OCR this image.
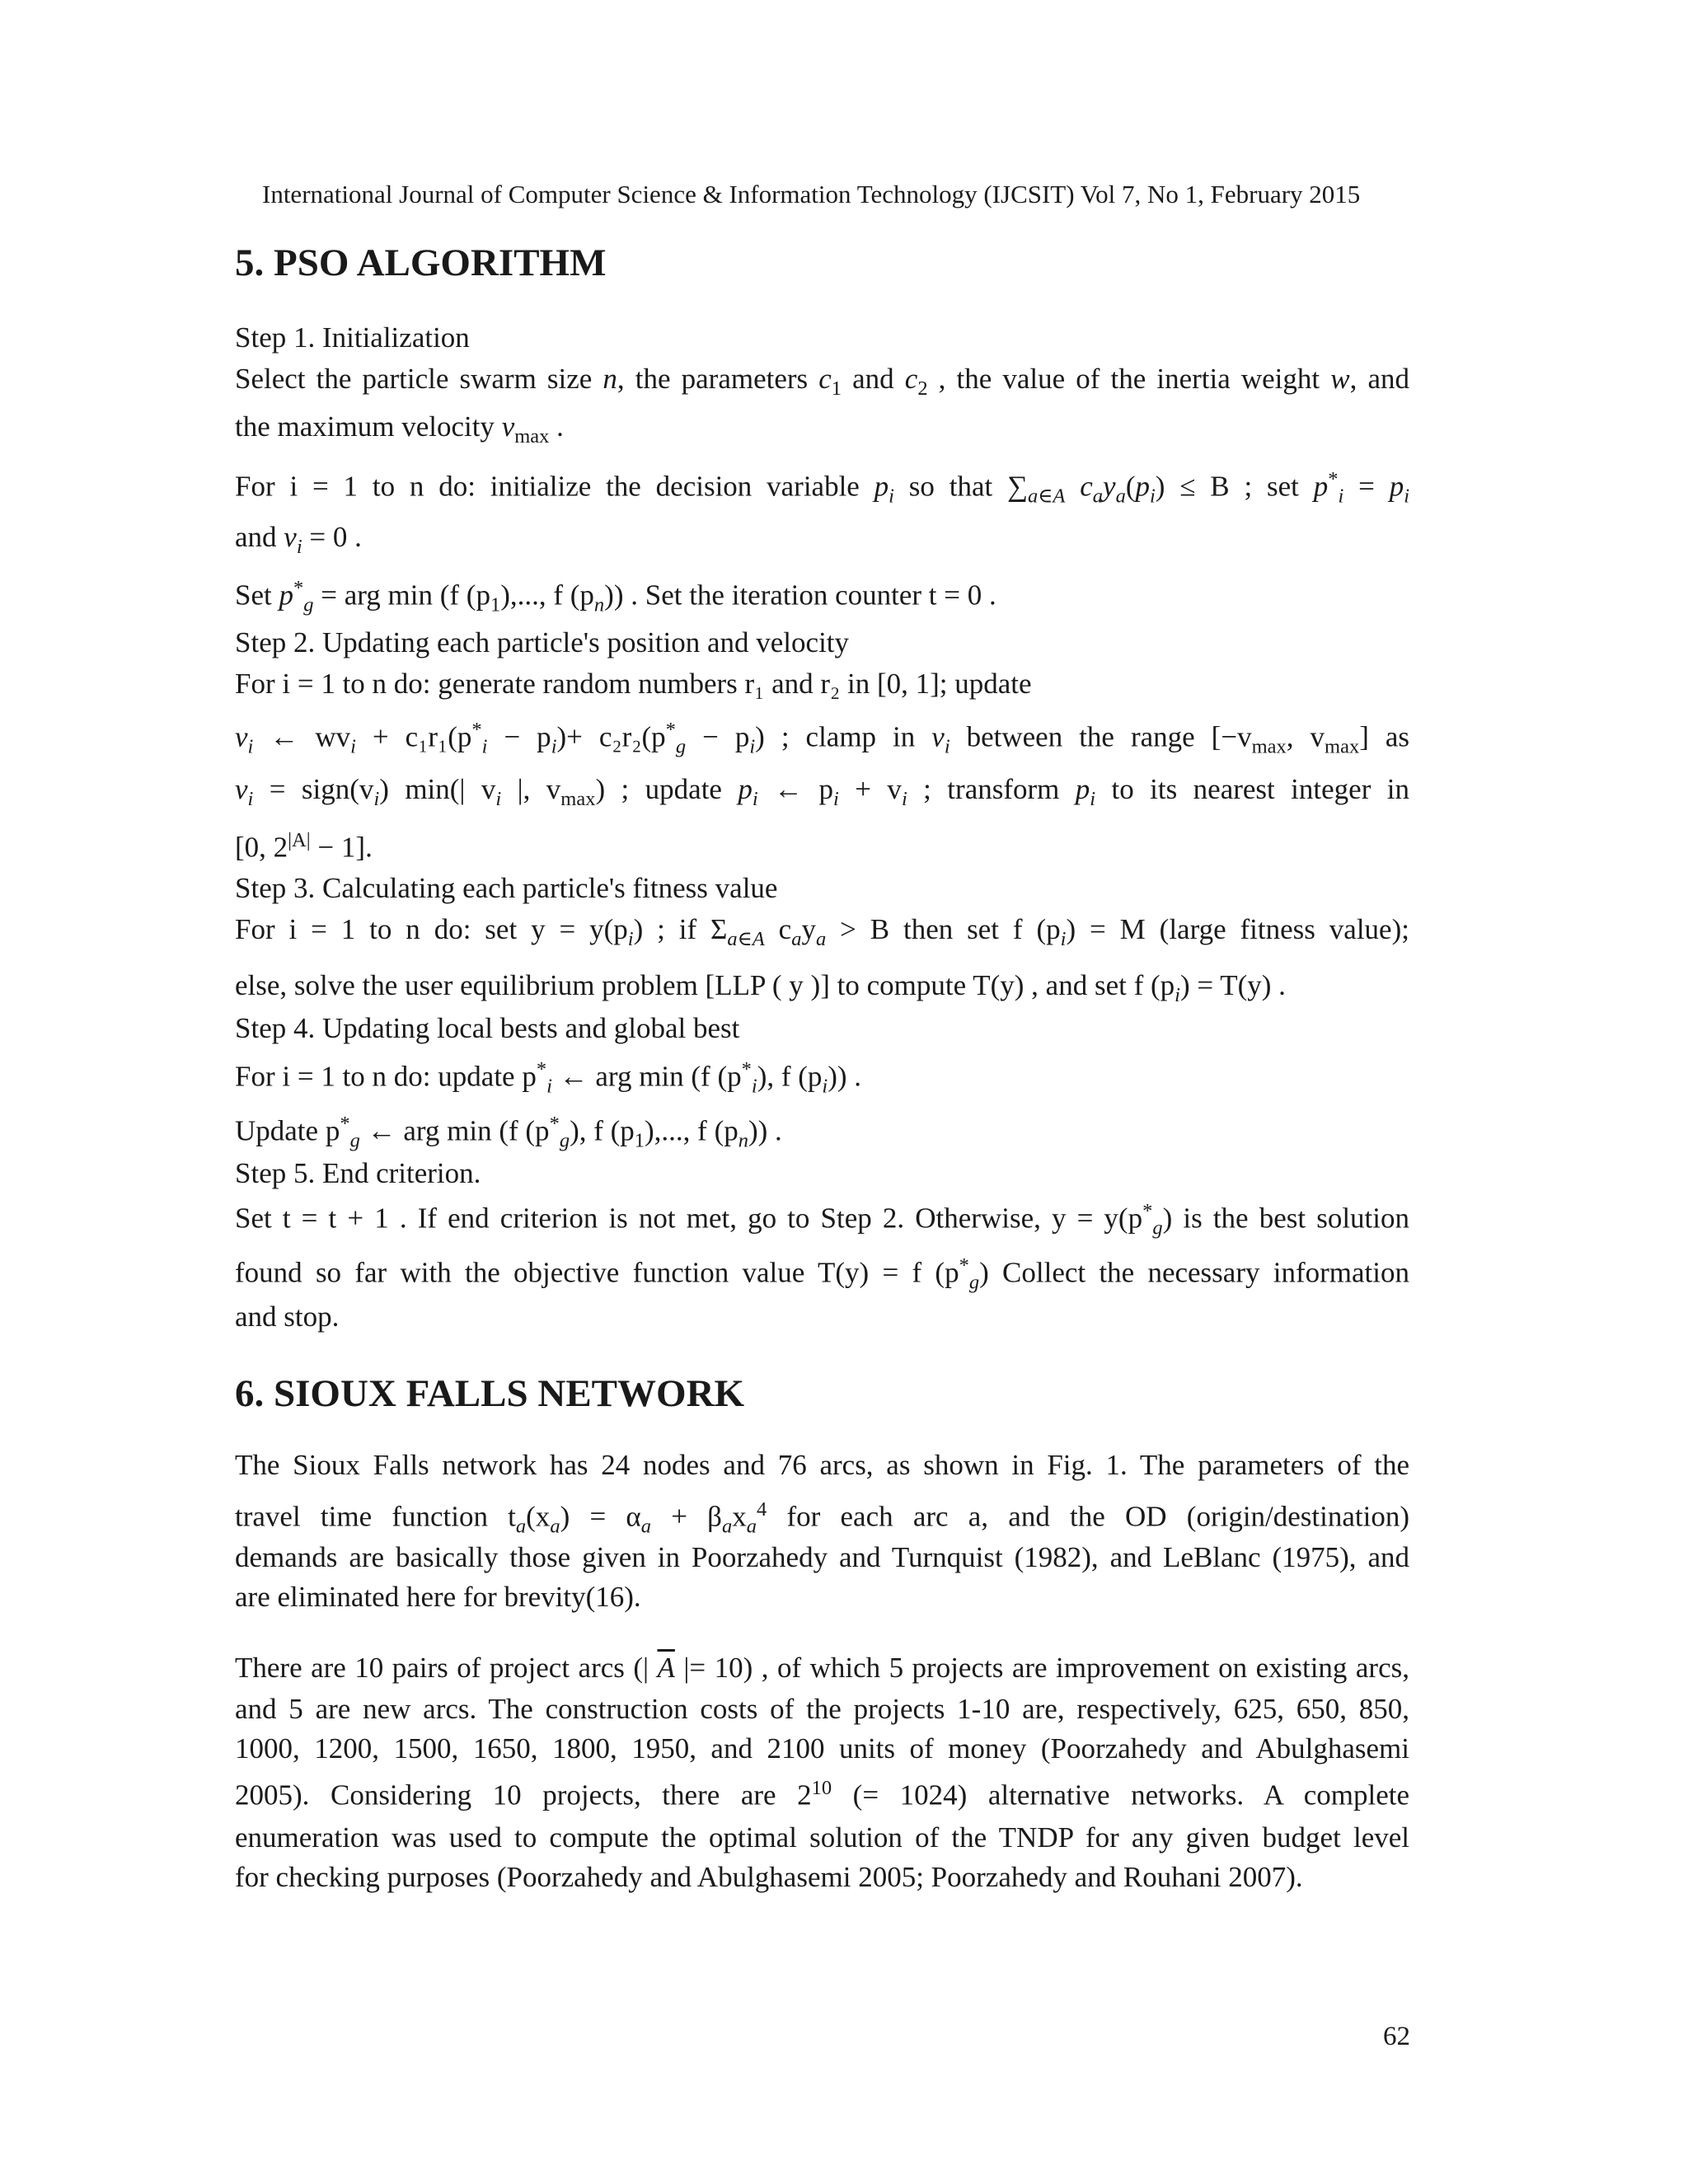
International Journal of Computer Science & Information Technology (IJCSIT) Vol 7, No 1, February 2015
5. PSO ALGORITHM
Step 1. Initialization
Select the particle swarm size n, the parameters $c_1$ and $c_2$ , the value of the inertia weight w, and
the maximum velocity $v_{max}$ .
For i = 1 to n do: initialize the decision variable $p_i$ so that $\sum_{a\in A}$ $c_ay_a(p_i) \le B$ ; set $p^*_i = p_i$
and $v_i = 0$ .
Set $p^*_g$ = arg min (f $(p_1)$,..., f $(p_n)$) . Set the iteration counter t = 0 .
Step 2. Updating each particle's position and velocity
For i = 1 to n do: generate random numbers r₁ and r₂ in [0, 1]; update
$v_i$ ← $wv_i + c_1r_1(p^*_i - p_i)+ c_2r_2(p^*_g - p_i)$ ; clamp in $v_i$ between the range [$-v_{max}$, $v_{max}$] as
$v_i$ = $sign(v_i)$ min(| $v_i$ |, $v_{max}$) ; update $p_i$ ← $p_i + v_i$ ; transform $p_i$ to its nearest integer in
[0, $2^{|A|} - 1$].
Step 3. Calculating each particle's fitness value
For i = 1 to n do: set $y = y(p_i)$ ; if $\Sigma_{a\in A}$ $c_ay_a > B$ then set f $(p_i) = M$ (large fitness value);
else, solve the user equilibrium problem [LLP ( y )] to compute T(y) , and set f $(p_i) = T(y)$ .
Step 4. Updating local bests and global best
For i = 1 to n do: update $p^*_i$ ← arg min (f $(p^*_i)$, f $(p_i)$) .
Update $p^*_g$ ← arg min (f $(p^*_g)$, f $(p_1)$,..., f $(p_n)$) .
Step 5. End criterion.
Set t = t + 1 . If end criterion is not met, go to Step 2. Otherwise, $y = y(p^*_g)$ is the best solution
found so far with the objective function value T(y) = f $(p^*_g)$ Collect the necessary information
and stop.
6. SIOUX FALLS NETWORK
The Sioux Falls network has 24 nodes and 76 arcs, as shown in Fig. 1. The parameters of the
travel time function $t_a(x_a) = \alpha_a + \beta_ax_a^4$ for each arc a, and the OD (origin/destination)
demands are basically those given in Poorzahedy and Turnquist (1982), and LeBlanc (1975), and
are eliminated here for brevity(16).
There are 10 pairs of project arcs (| $\overline{A}$ |= 10) , of which 5 projects are improvement on existing arcs,
and 5 are new arcs. The construction costs of the projects 1-10 are, respectively, 625, 650, 850,
1000, 1200, 1500, 1650, 1800, 1950, and 2100 units of money (Poorzahedy and Abulghasemi
2005). Considering 10 projects, there are $2^{10}$ (= 1024) alternative networks. A complete
enumeration was used to compute the optimal solution of the TNDP for any given budget level
for checking purposes (Poorzahedy and Abulghasemi 2005; Poorzahedy and Rouhani 2007).
62
